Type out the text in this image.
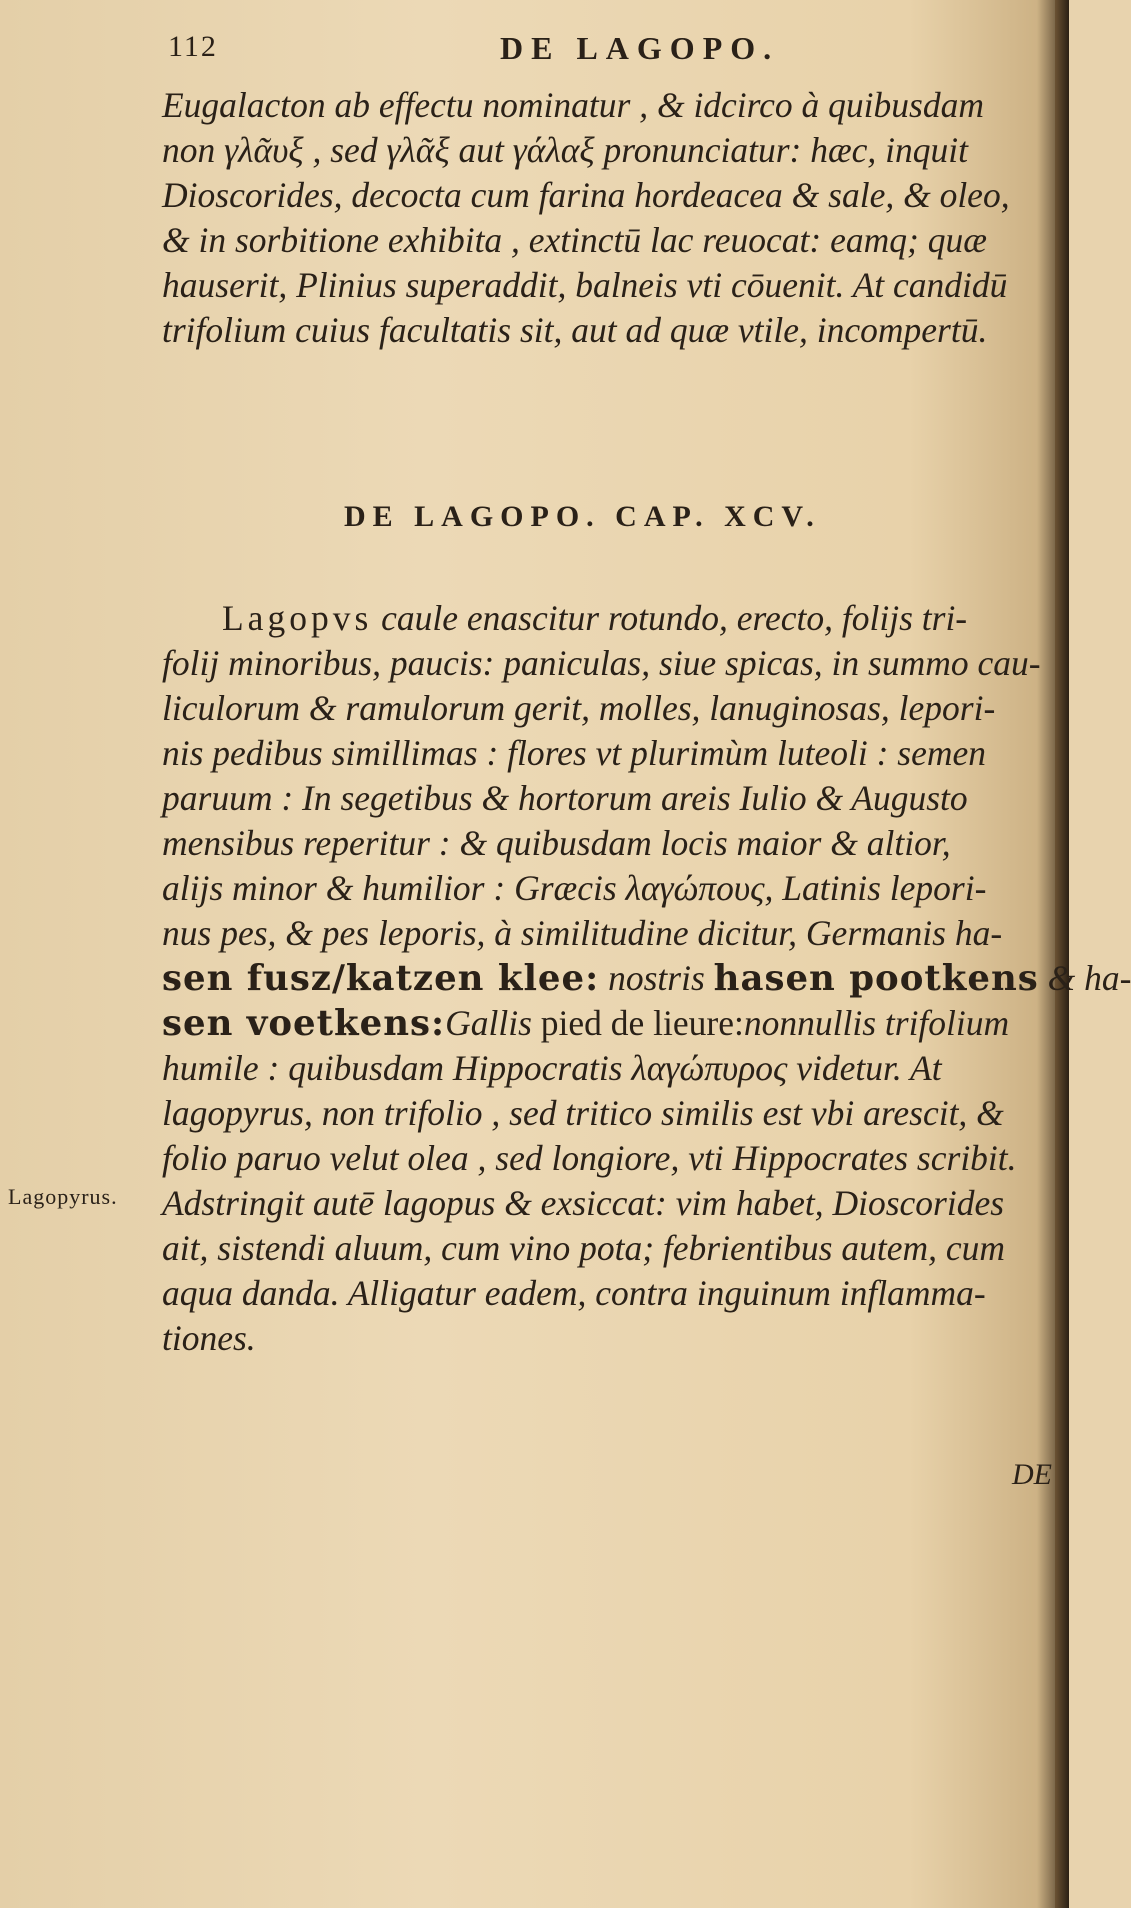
112	DE LAGOPO.
Eugalacton ab effectu nominatur , & idcirco à quibusdam
non γλᾶυξ , sed γλᾶξ aut γάλαξ pronunciatur: hæc, inquit
Dioscorides, decocta cum farina hordeacea & sale, & oleo,
& in sorbitione exhibita , extinctū lac reuocat: eamq; quæ
hauserit, Plinius superaddit, balneis vti cōuenit. At candidū
trifolium cuius facultatis sit, aut ad quæ vtile, incompertū.
DE LAGOPO. CAP. XCV.
Lagopvs caule enascitur rotundo, erecto, folijs tri-
folij minoribus, paucis: paniculas, siue spicas, in summo cau-
liculorum & ramulorum gerit, molles, lanuginosas, lepori-
nis pedibus simillimas : flores vt plurimùm luteoli : semen
paruum : In segetibus & hortorum areis Iulio & Augusto
mensibus reperitur : & quibusdam locis maior & altior,
alijs minor & humilior : Græcis λαγώπους, Latinis lepori-
nus pes, & pes leporis, à similitudine dicitur, Germanis ha-
sen fusz/katzen klee: nostris hasen pootkens & ha-
sen voetkens:Gallis pied de lieure:nonnullis trifolium
humile : quibusdam Hippocratis λαγώπυρος videtur. At
lagopyrus, non trifolio , sed tritico similis est vbi arescit, &
folio paruo velut olea , sed longiore, vti Hippocrates scribit.
Adstringit autē lagopus & exsiccat: vim habet, Dioscorides
ait, sistendi aluum, cum vino pota; febrientibus autem, cum
aqua danda. Alligatur eadem, contra inguinum inflamma-
tiones.
Lagopyrus.
DE
